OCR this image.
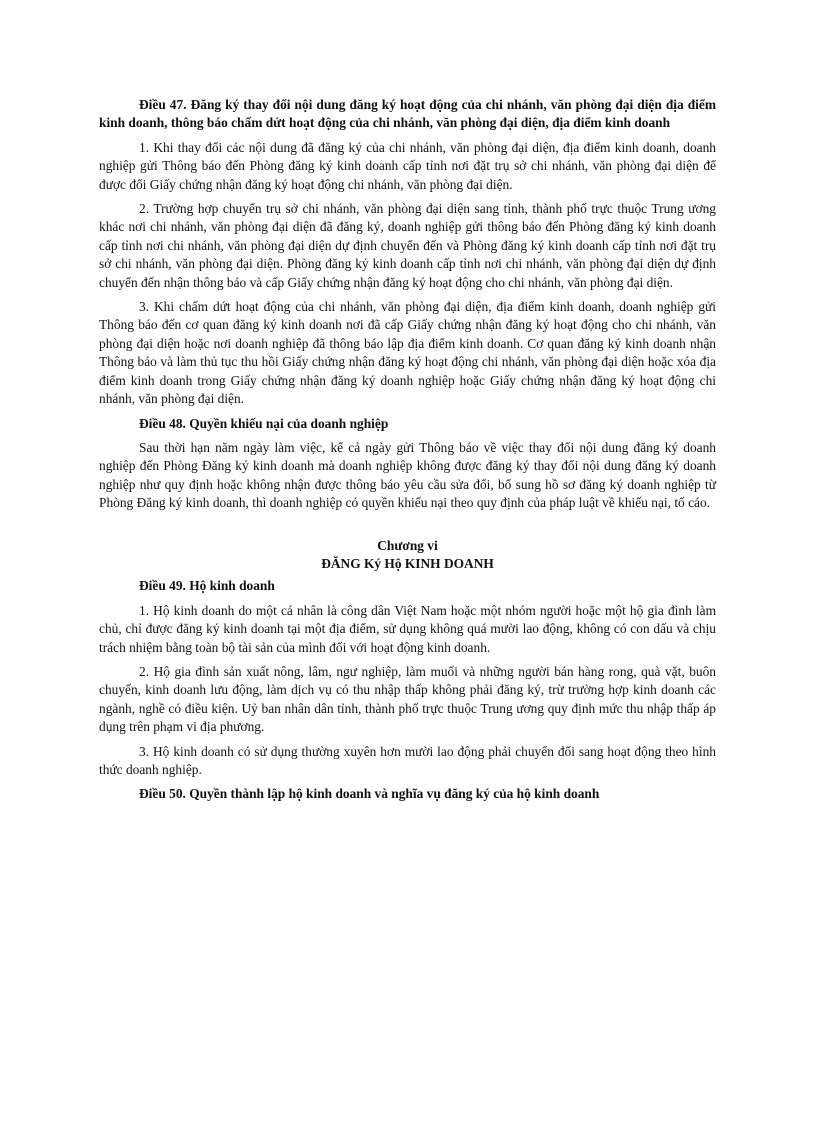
Điều 47. Đăng ký thay đổi nội dung đăng ký hoạt động của chi nhánh, văn phòng đại diện địa điểm kinh doanh, thông báo chấm dứt hoạt động của chi nhánh, văn phòng đại diện, địa điểm kinh doanh

1. Khi thay đổi các nội dung đã đăng ký của chi nhánh, văn phòng đại diện, địa điểm kinh doanh, doanh nghiệp gửi Thông báo đến Phòng đăng ký kinh doanh cấp tỉnh nơi đặt trụ sở chi nhánh, văn phòng đại diện để được đổi Giấy chứng nhận đăng ký hoạt động chi nhánh, văn phòng đại diện.

2. Trường hợp chuyển trụ sở chi nhánh, văn phòng đại diện sang tỉnh, thành phố trực thuộc Trung ương khác nơi chi nhánh, văn phòng đại diện đã đăng ký, doanh nghiệp gửi thông báo đến Phòng đăng ký kinh doanh cấp tỉnh nơi chi nhánh, văn phòng đại diện dự định chuyển đến và Phòng đăng ký kinh doanh cấp tỉnh nơi đặt trụ sở chi nhánh, văn phòng đại diện. Phòng đăng ký kinh doanh cấp tỉnh nơi chi nhánh, văn phòng đại diện dự định chuyển đến nhận thông báo và cấp Giấy chứng nhận đăng ký hoạt động cho chi nhánh, văn phòng đại diện.

3. Khi chấm dứt hoạt động của chi nhánh, văn phòng đại diện, địa điểm kinh doanh, doanh nghiệp gửi Thông báo đến cơ quan đăng ký kinh doanh nơi đã cấp Giấy chứng nhận đăng ký hoạt động cho chi nhánh, văn phòng đại diện hoặc nơi doanh nghiệp đã thông báo lập địa điểm kinh doanh. Cơ quan đăng ký kinh doanh nhận Thông báo và làm thủ tục thu hồi Giấy chứng nhận đăng ký hoạt động chi nhánh, văn phòng đại diện hoặc xóa địa điểm kinh doanh trong Giấy chứng nhận đăng ký doanh nghiệp hoặc Giấy chứng nhận đăng ký hoạt động chi nhánh, văn phòng đại diện.

Điều 48. Quyền khiếu nại của doanh nghiệp

Sau thời hạn năm ngày làm việc, kể cả ngày gửi Thông báo về việc thay đổi nội dung đăng ký doanh nghiệp đến Phòng Đăng ký kinh doanh mà doanh nghiệp không được đăng ký thay đổi nội dung đăng ký doanh nghiệp như quy định hoặc không nhận được thông báo yêu cầu sửa đổi, bổ sung hồ sơ đăng ký doanh nghiệp từ Phòng Đăng ký kinh doanh, thì doanh nghiệp có quyền khiếu nại theo quy định của pháp luật về khiếu nại, tố cáo.

Chương vi

ĐĂNG Ký Hộ KINH DOANH

Điều 49. Hộ kinh doanh

1. Hộ kinh doanh do một cá nhân là công dân Việt Nam hoặc một nhóm người hoặc một hộ gia đình làm chủ, chỉ được đăng ký kinh doanh tại một địa điểm, sử dụng không quá mười lao động, không có con dấu và chịu trách nhiệm bằng toàn bộ tài sản của mình đối với hoạt động kinh doanh.

2. Hộ gia đình sản xuất nông, lâm, ngư nghiệp, làm muối và những người bán hàng rong, quà vặt, buôn chuyến, kinh doanh lưu động, làm dịch vụ có thu nhập thấp không phải đăng ký, trừ trường hợp kinh doanh các ngành, nghề có điều kiện. Uỷ ban nhân dân tỉnh, thành phố trực thuộc Trung ương quy định mức thu nhập thấp áp dụng trên phạm vi địa phương.

3. Hộ kinh doanh có sử dụng thường xuyên hơn mười lao động phải chuyển đổi sang hoạt động theo hình thức doanh nghiệp.

Điều 50. Quyền thành lập hộ kinh doanh và nghĩa vụ đăng ký của hộ kinh doanh
